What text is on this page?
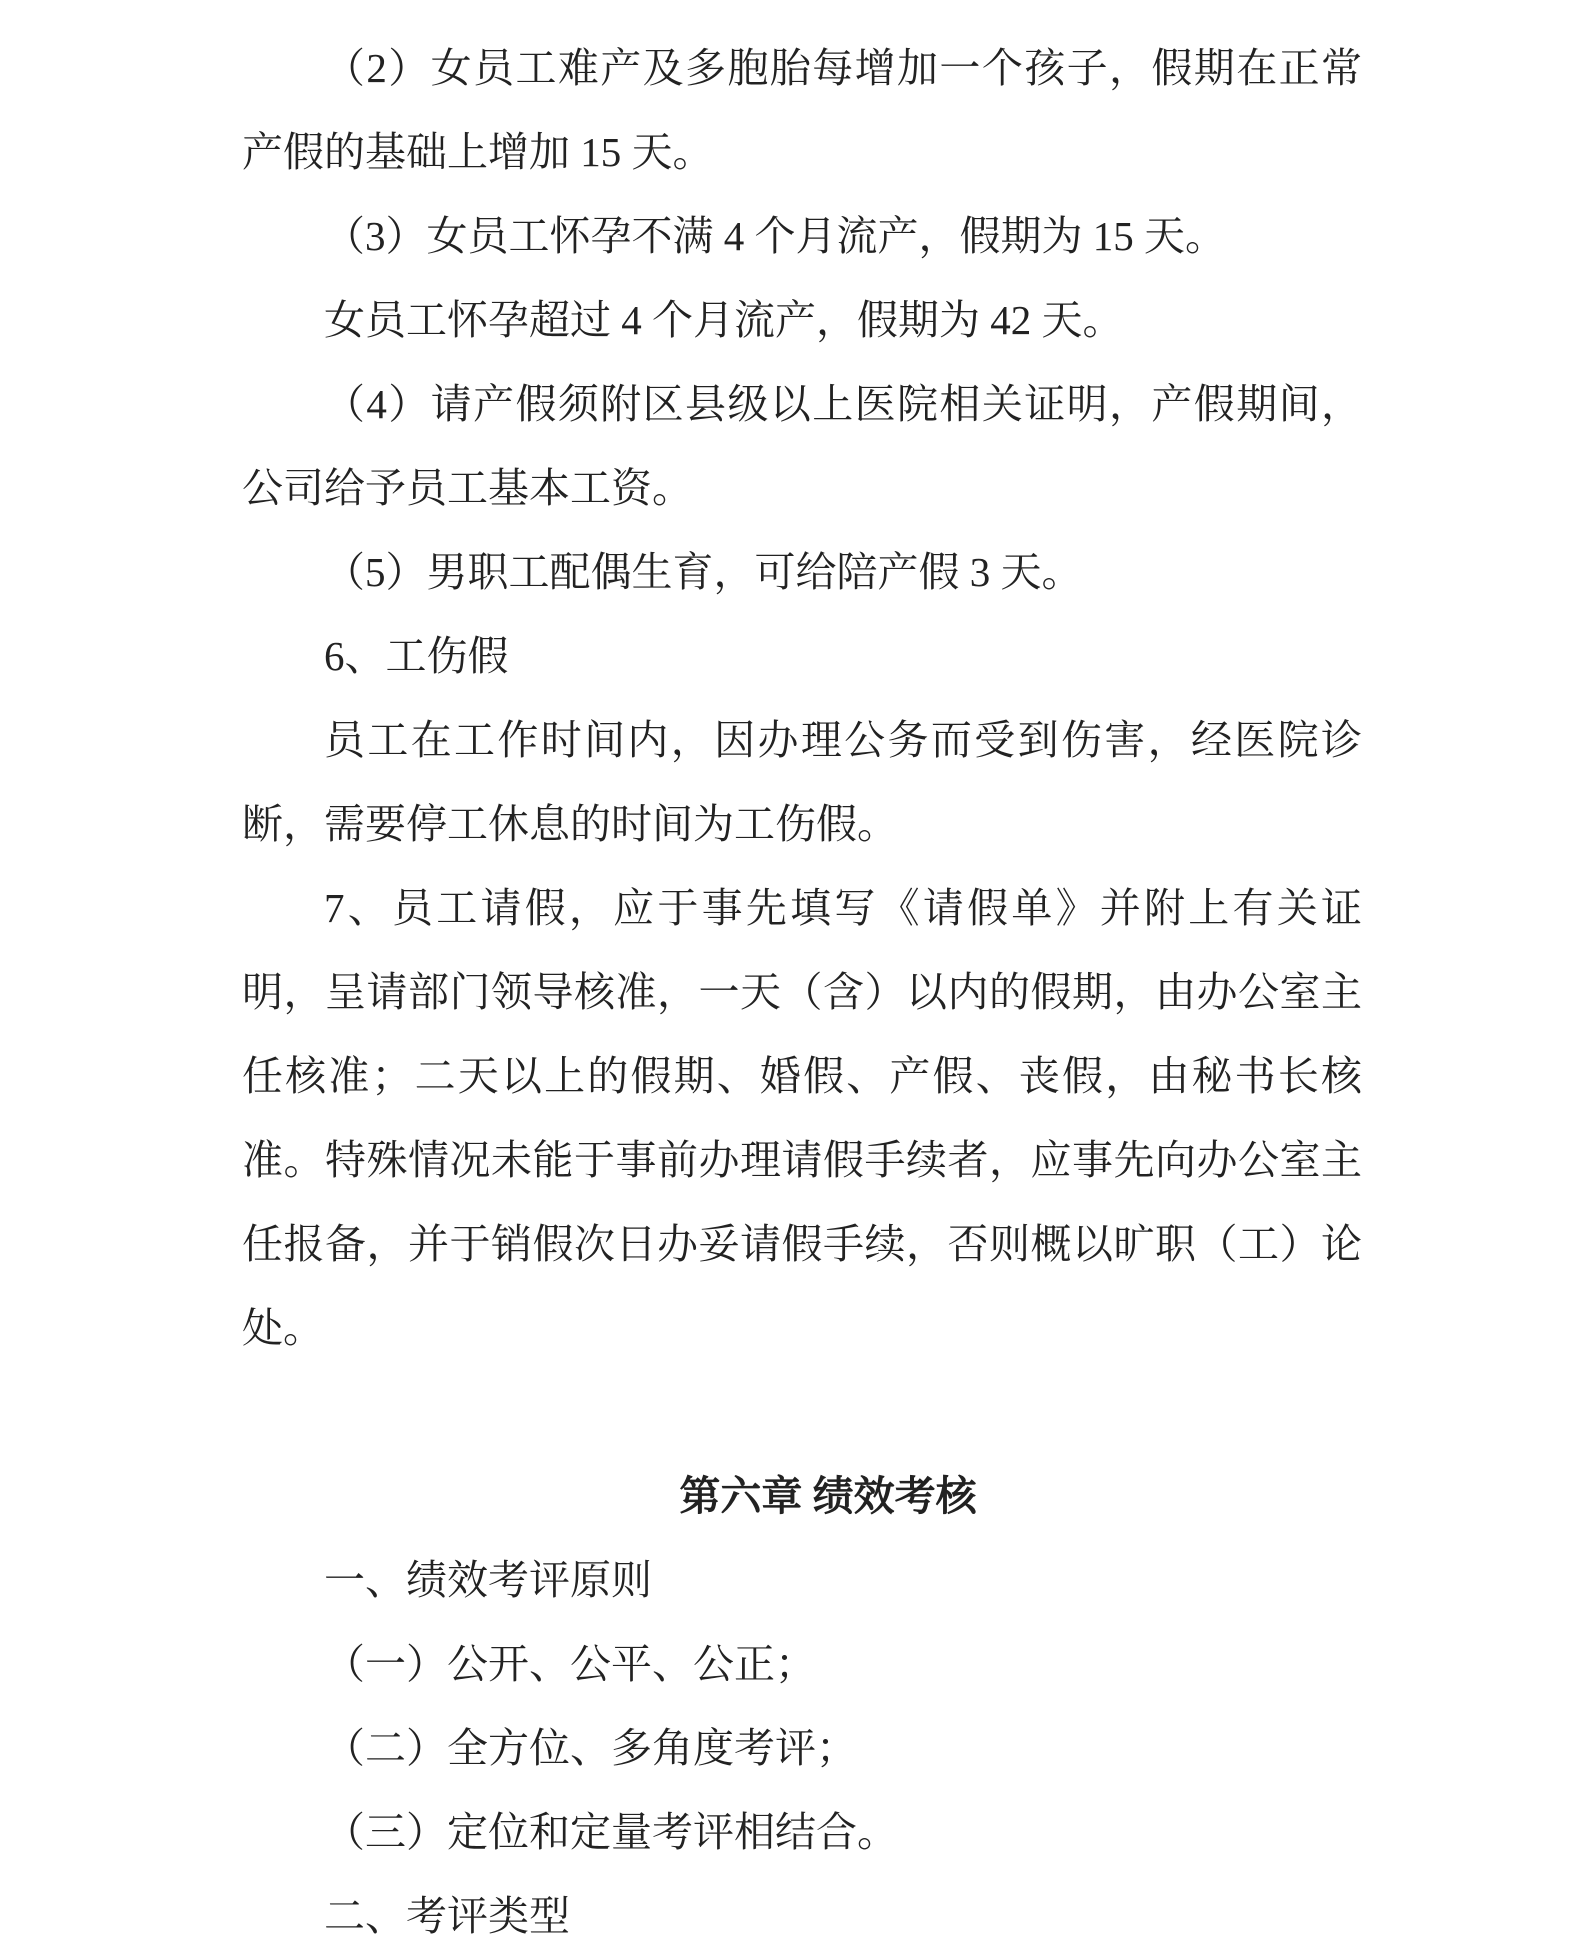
（2）女员工难产及多胞胎每增加一个孩子，假期在正常产假的基础上增加 15 天。

（3）女员工怀孕不满 4 个月流产，假期为 15 天。

女员工怀孕超过 4 个月流产，假期为 42 天。

（4）请产假须附区县级以上医院相关证明，产假期间，公司给予员工基本工资。

（5）男职工配偶生育，可给陪产假 3 天。

6、工伤假

员工在工作时间内，因办理公务而受到伤害，经医院诊断，需要停工休息的时间为工伤假。

7、员工请假，应于事先填写《请假单》并附上有关证明，呈请部门领导核准，一天（含）以内的假期，由办公室主任核准；二天以上的假期、婚假、产假、丧假，由秘书长核准。特殊情况未能于事前办理请假手续者，应事先向办公室主任报备，并于销假次日办妥请假手续，否则概以旷职（工）论处。

第六章 绩效考核

一、绩效考评原则

（一）公开、公平、公正；

（二）全方位、多角度考评；

（三）定位和定量考评相结合。

二、考评类型
